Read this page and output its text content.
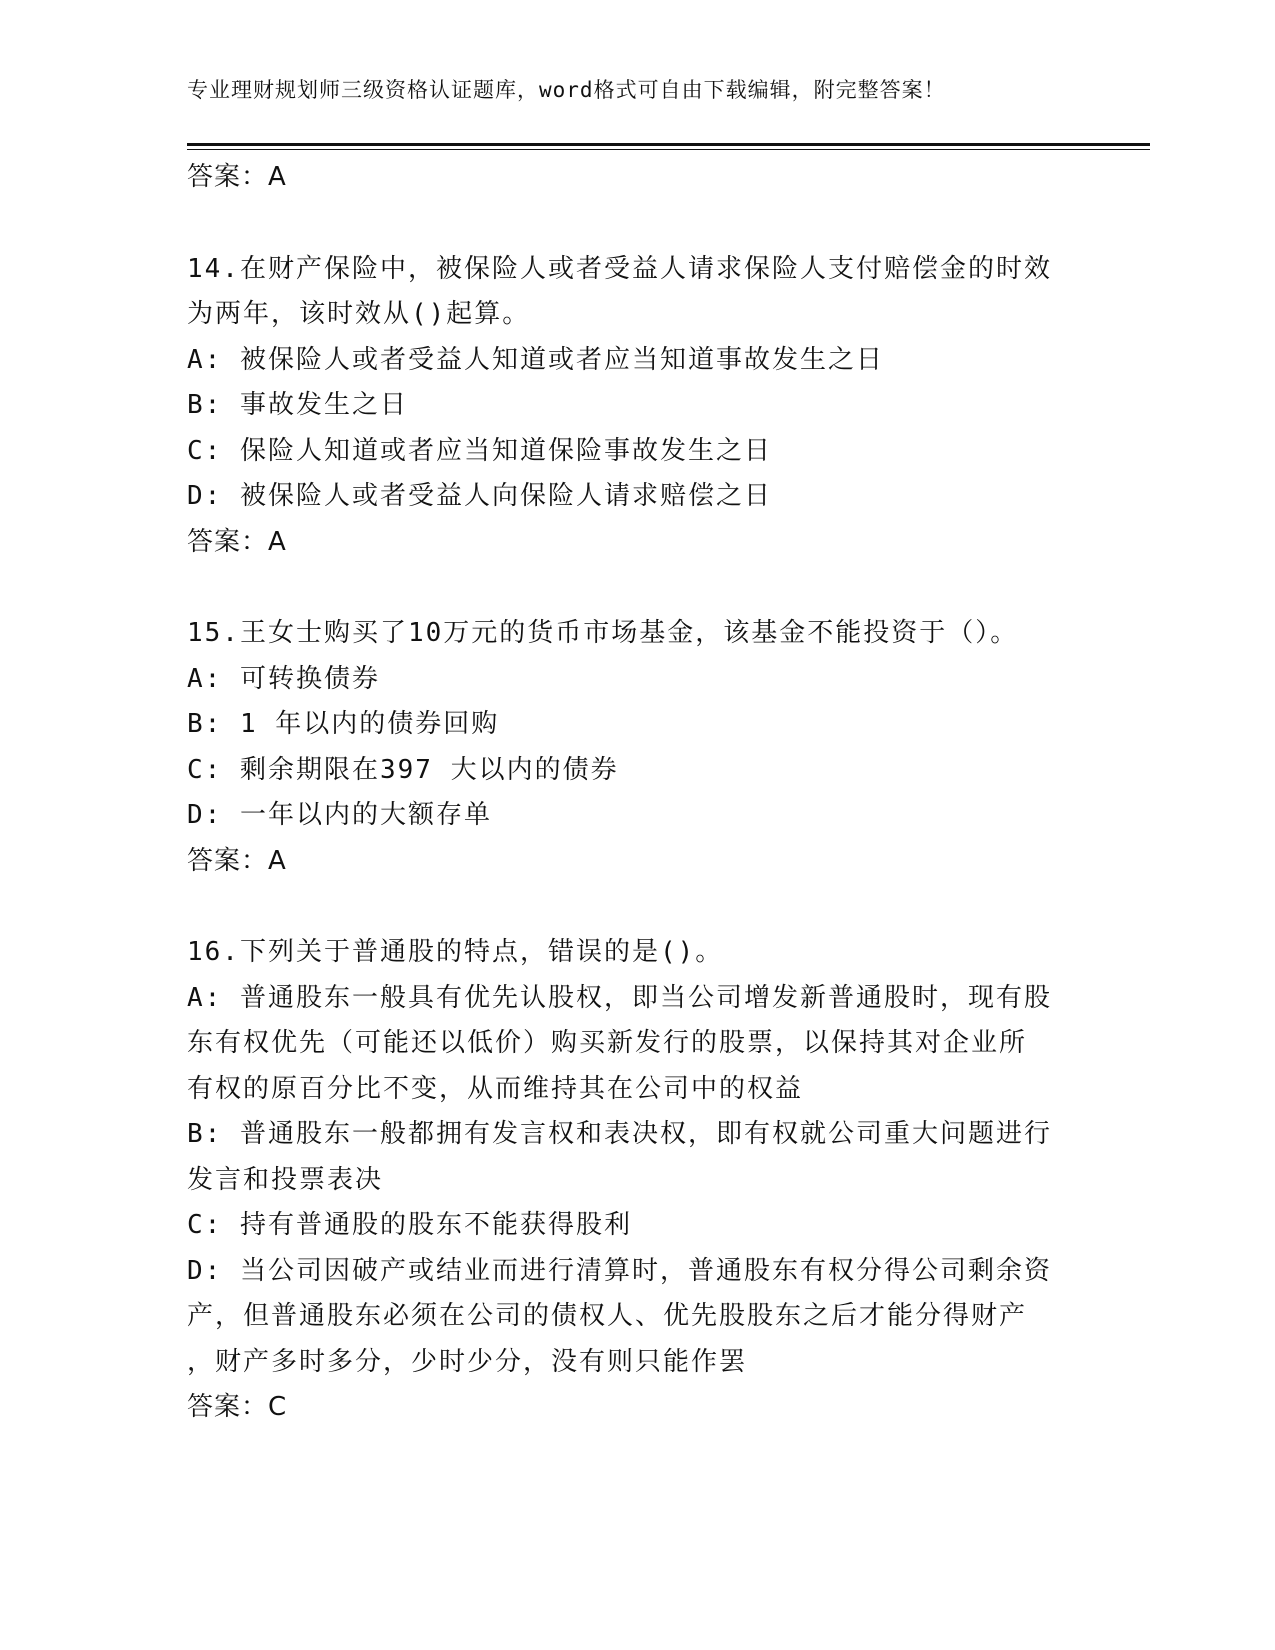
专业理财规划师三级资格认证题库，word格式可自由下载编辑，附完整答案！
答案：A
14.在财产保险中，被保险人或者受益人请求保险人支付赔偿金的时效
为两年，该时效从()起算。
A: 被保险人或者受益人知道或者应当知道事故发生之日
B: 事故发生之日
C: 保险人知道或者应当知道保险事故发生之日
D: 被保险人或者受益人向保险人请求赔偿之日
答案：A
15.王女士购买了10万元的货币市场基金，该基金不能投资于（）。
A: 可转换债券
B: 1 年以内的债券回购
C: 剩余期限在397 大以内的债券
D: 一年以内的大额存单
答案：A
16.下列关于普通股的特点，错误的是()。
A: 普通股东一般具有优先认股权，即当公司增发新普通股时，现有股
东有权优先（可能还以低价）购买新发行的股票，以保持其对企业所
有权的原百分比不变，从而维持其在公司中的权益
B: 普通股东一般都拥有发言权和表决权，即有权就公司重大问题进行
发言和投票表决
C: 持有普通股的股东不能获得股利
D: 当公司因破产或结业而进行清算时，普通股东有权分得公司剩余资
产，但普通股东必须在公司的债权人、优先股股东之后才能分得财产
，财产多时多分，少时少分，没有则只能作罢
答案：C
